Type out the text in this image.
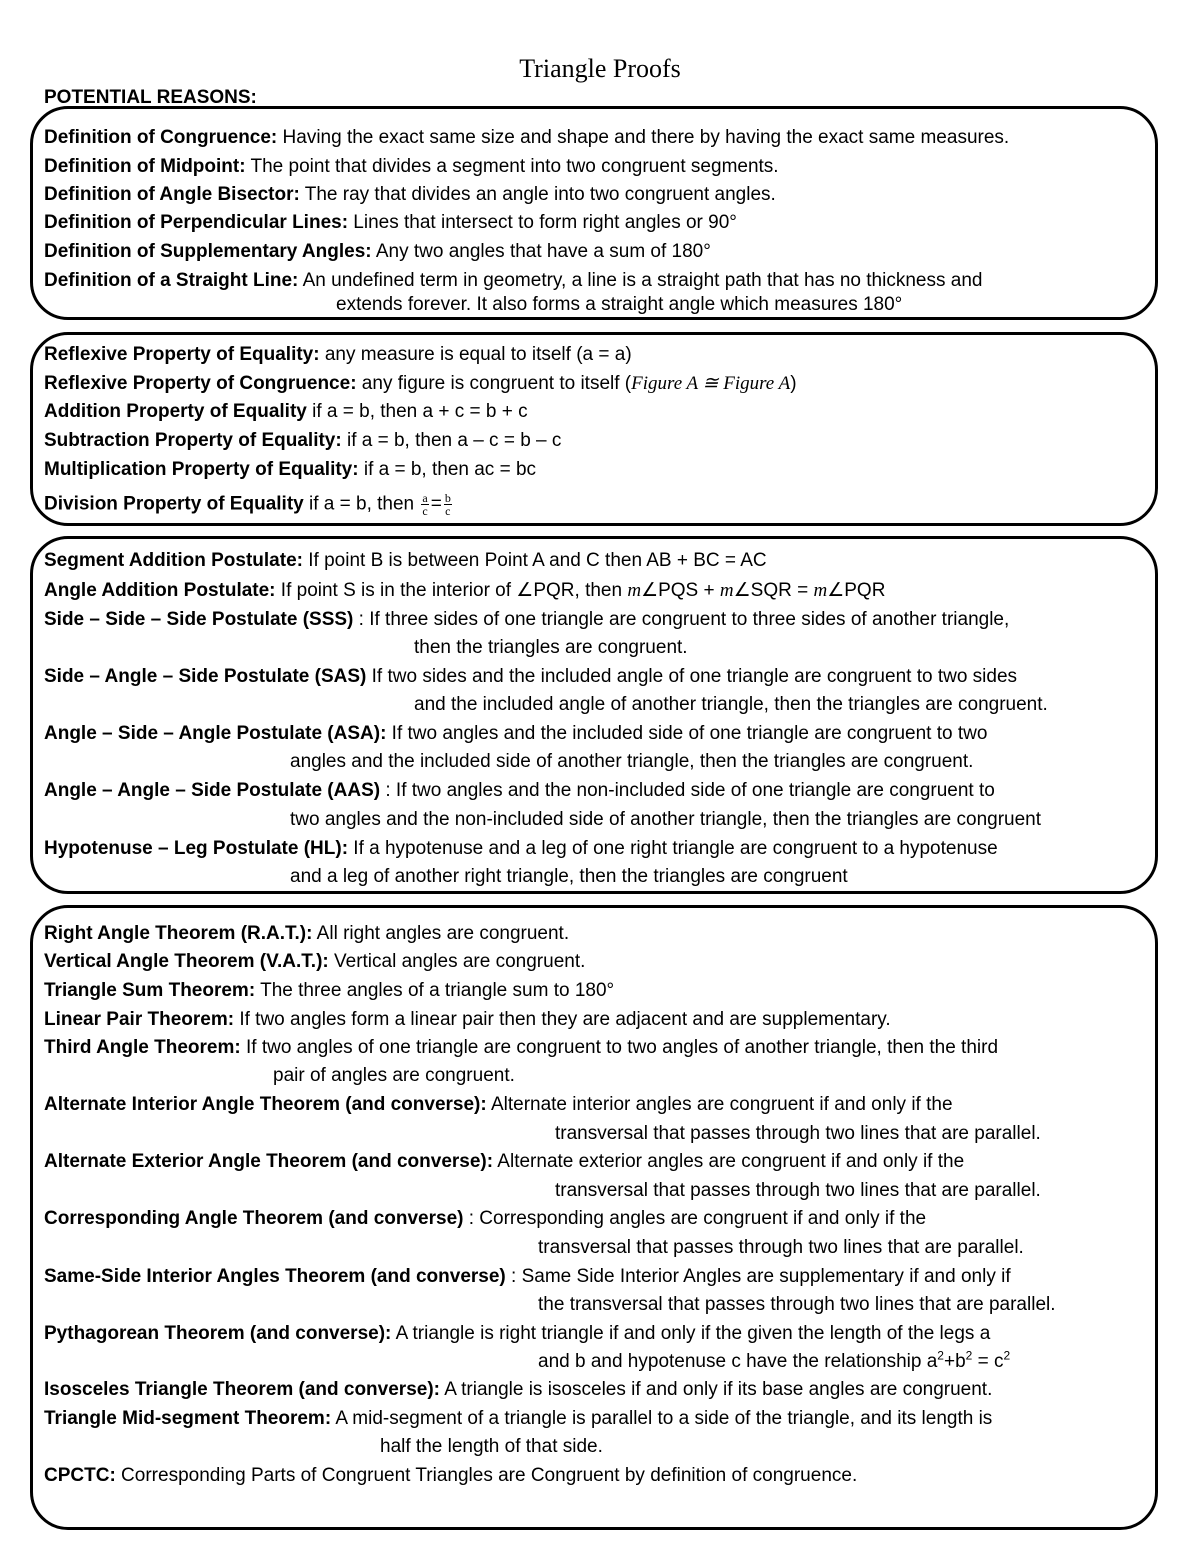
Triangle Proofs
POTENTIAL REASONS:
Definition of Congruence: Having the exact same size and shape and there by having the exact same measures.
Definition of Midpoint: The point that divides a segment into two congruent segments.
Definition of Angle Bisector: The ray that divides an angle into two congruent angles.
Definition of Perpendicular Lines: Lines that intersect to form right angles or 90°
Definition of Supplementary Angles: Any two angles that have a sum of 180°
Definition of a Straight Line: An undefined term in geometry, a line is a straight path that has no thickness and
extends forever. It also forms a straight angle which measures 180°
Reflexive Property of Equality: any measure is equal to itself (a = a)
Reflexive Property of Congruence: any figure is congruent to itself (Figure A ≅ Figure A)
Addition Property of Equality if a = b, then a + c = b + c
Subtraction Property of Equality: if a = b, then a – c = b – c
Multiplication Property of Equality: if a = b, then ac = bc
Division Property of Equality if a = b, then $\frac{a}{c} = \frac{b}{c}$
Segment Addition Postulate: If point B is between Point A and C then AB + BC = AC
Angle Addition Postulate: If point S is in the interior of ∠PQR, then m∠PQS + m∠SQR = m∠PQR
Side – Side – Side Postulate (SSS) : If three sides of one triangle are congruent to three sides of another triangle,
then the triangles are congruent.
Side – Angle – Side Postulate (SAS) If two sides and the included angle of one triangle are congruent to two sides
and the included angle of another triangle, then the triangles are congruent.
Angle – Side – Angle Postulate (ASA): If two angles and the included side of one triangle are congruent to two
angles and the included side of another triangle, then the triangles are congruent.
Angle – Angle – Side Postulate (AAS) : If two angles and the non-included side of one triangle are congruent to
two angles and the non-included side of another triangle, then the triangles are congruent
Hypotenuse – Leg Postulate (HL): If a hypotenuse and a leg of one right triangle are congruent to a hypotenuse
and a leg of another right triangle, then the triangles are congruent
Right Angle Theorem (R.A.T.): All right angles are congruent.
Vertical Angle Theorem (V.A.T.): Vertical angles are congruent.
Triangle Sum Theorem: The three angles of a triangle sum to 180°
Linear Pair Theorem: If two angles form a linear pair then they are adjacent and are supplementary.
Third Angle Theorem: If two angles of one triangle are congruent to two angles of another triangle, then the third
pair of angles are congruent.
Alternate Interior Angle Theorem (and converse): Alternate interior angles are congruent if and only if the
transversal that passes through two lines that are parallel.
Alternate Exterior Angle Theorem (and converse): Alternate exterior angles are congruent if and only if the
transversal that passes through two lines that are parallel.
Corresponding Angle Theorem (and converse) : Corresponding angles are congruent if and only if the
transversal that passes through two lines that are parallel.
Same-Side Interior Angles Theorem (and converse) : Same Side Interior Angles are supplementary if and only if
the transversal that passes through two lines that are parallel.
Pythagorean Theorem (and converse): A triangle is right triangle if and only if the given the length of the legs a
and b and hypotenuse c have the relationship $a^2+b^2 = c^2$
Isosceles Triangle Theorem (and converse): A triangle is isosceles if and only if its base angles are congruent.
Triangle Mid-segment Theorem: A mid-segment of a triangle is parallel to a side of the triangle, and its length is
half the length of that side.
CPCTC: Corresponding Parts of Congruent Triangles are Congruent by definition of congruence.
